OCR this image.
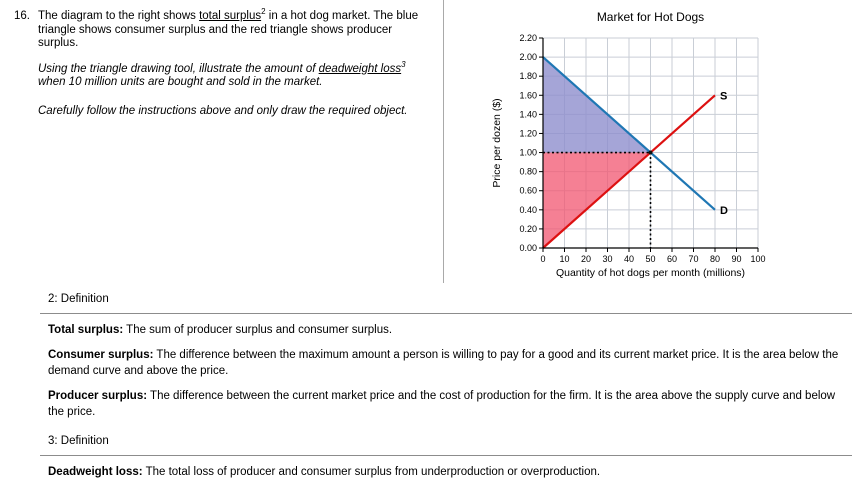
16. The diagram to the right shows total surplus$^2$ in a hot dog market. The blue triangle shows consumer surplus and the red triangle shows producer surplus.

Using the triangle drawing tool, illustrate the amount of deadweight loss$^3$ when 10 million units are bought and sold in the market.

Carefully follow the instructions above and only draw the required object.

Market for Hot Dogs
S
D
0 10 20 30 40 50 60 70 80 90 100
0.00
0.20
0.40
0.60
0.80
1.00
1.20
1.40
1.60
1.80
2.00
2.20
Quantity of hot dogs per month (millions)
Price per dozen ($)
2: Definition

Total surplus: The sum of producer surplus and consumer surplus.

Consumer surplus: The difference between the maximum amount a person is willing to pay for a good and its current market price. It is the area below the demand curve and above the price.

Producer surplus: The difference between the current market price and the cost of production for the firm. It is the area above the supply curve and below the price.

3: Definition

Deadweight loss: The total loss of producer and consumer surplus from underproduction or overproduction.
